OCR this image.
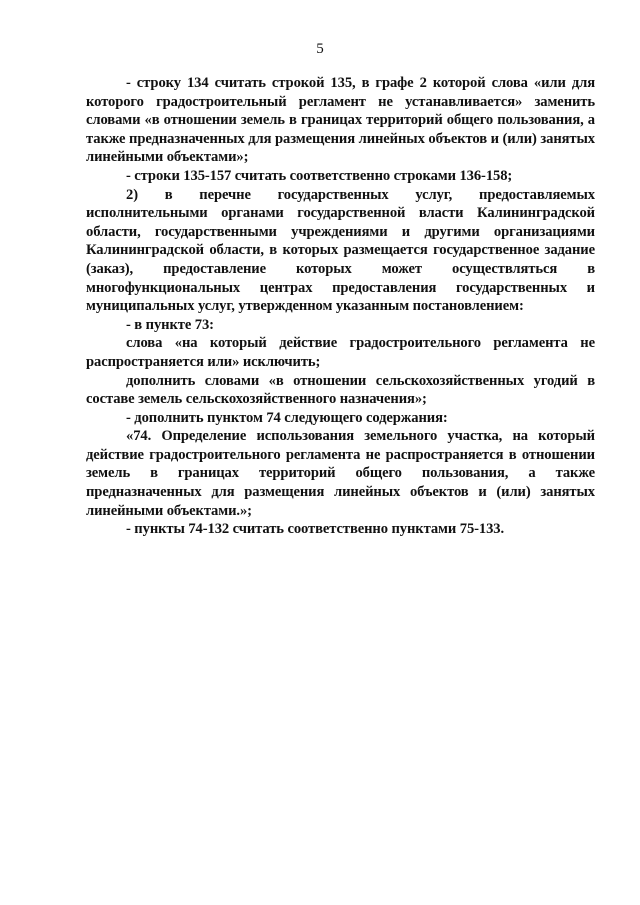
5

- строку 134 считать строкой 135, в графе 2 которой слова «или для которого градостроительный регламент не устанавливается» заменить словами «в отношении земель в границах территорий общего пользования, а также предназначенных для размещения линейных объектов и (или) занятых линейными объектами»;

- строки 135-157 считать соответственно строками 136-158;

2) в перечне государственных услуг, предоставляемых исполнительными органами государственной власти Калининградской области, государственными учреждениями и другими организациями Калининградской области, в которых размещается государственное задание (заказ), предоставление которых может осуществляться в многофункциональных центрах предоставления государственных и муниципальных услуг, утвержденном указанным постановлением:

- в пункте 73:

слова «на который действие градостроительного регламента не распространяется или» исключить;

дополнить словами «в отношении сельскохозяйственных угодий в составе земель сельскохозяйственного назначения»;

- дополнить пунктом 74 следующего содержания:

«74. Определение использования земельного участка, на который действие градостроительного регламента не распространяется в отношении земель в границах территорий общего пользования, а также предназначенных для размещения линейных объектов и (или) занятых линейными объектами.»;

- пункты 74-132 считать соответственно пунктами 75-133.
